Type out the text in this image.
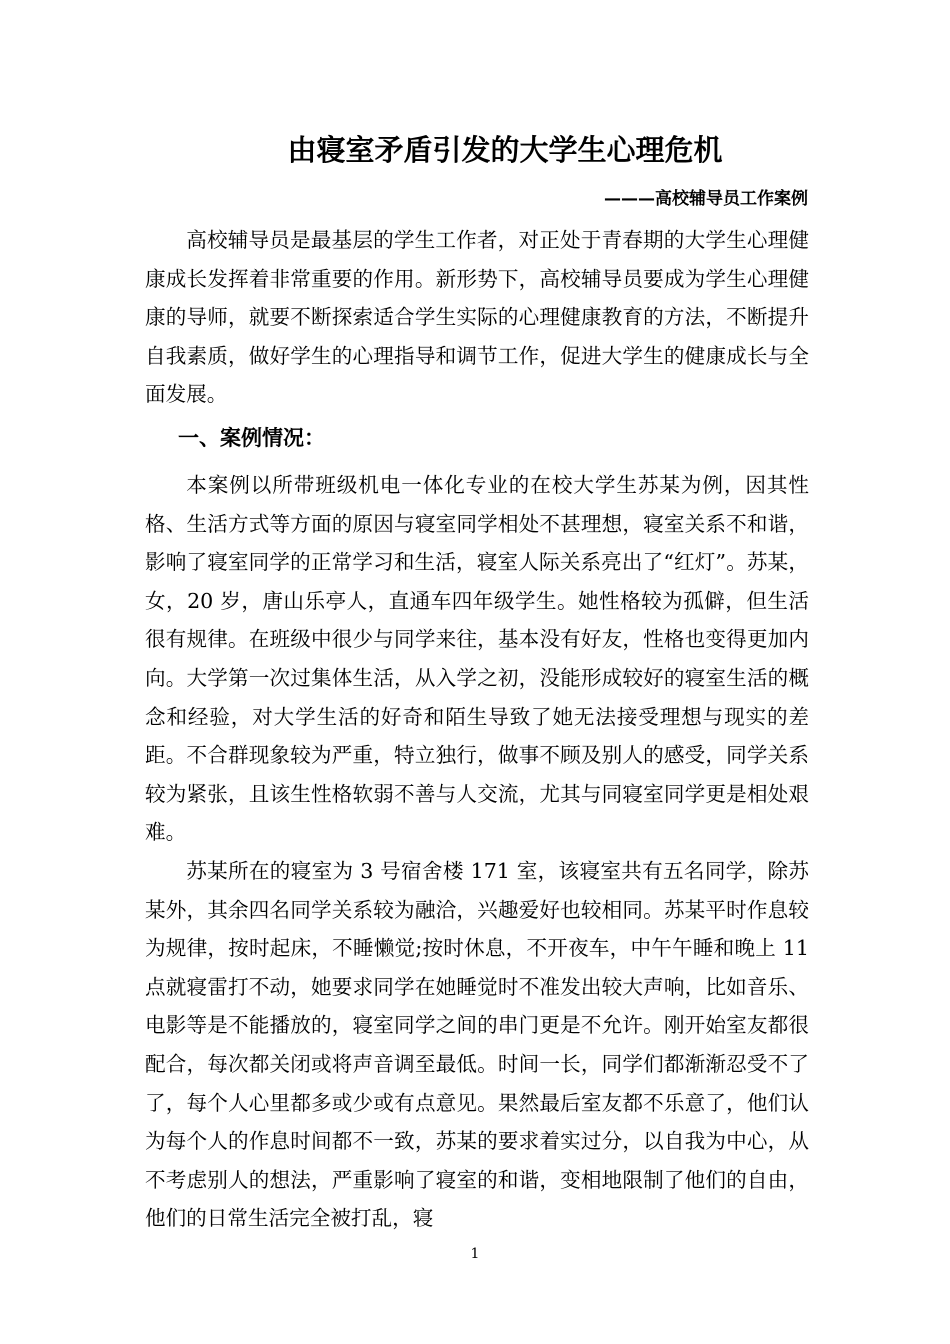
由寝室矛盾引发的大学生心理危机
———高校辅导员工作案例

高校辅导员是最基层的学生工作者，对正处于青春期的大学生心理健康成长发挥着非常重要的作用。新形势下，高校辅导员要成为学生心理健康的导师，就要不断探索适合学生实际的心理健康教育的方法，不断提升自我素质，做好学生的心理指导和调节工作，促进大学生的健康成长与全面发展。

一、案例情况：

本案例以所带班级机电一体化专业的在校大学生苏某为例，因其性格、生活方式等方面的原因与寝室同学相处不甚理想，寝室关系不和谐，影响了寝室同学的正常学习和生活，寝室人际关系亮出了“红灯”。苏某，女，20 岁，唐山乐亭人，直通车四年级学生。她性格较为孤僻，但生活很有规律。在班级中很少与同学来往，基本没有好友，性格也变得更加内向。大学第一次过集体生活，从入学之初，没能形成较好的寝室生活的概念和经验，对大学生活的好奇和陌生导致了她无法接受理想与现实的差距。不合群现象较为严重，特立独行，做事不顾及别人的感受，同学关系较为紧张，且该生性格软弱不善与人交流，尤其与同寝室同学更是相处艰难。

苏某所在的寝室为 3 号宿舍楼 171 室，该寝室共有五名同学，除苏某外，其余四名同学关系较为融洽，兴趣爱好也较相同。苏某平时作息较为规律，按时起床，不睡懒觉;按时休息，不开夜车，中午午睡和晚上 11 点就寝雷打不动，她要求同学在她睡觉时不准发出较大声响，比如音乐、电影等是不能播放的，寝室同学之间的串门更是不允许。刚开始室友都很配合，每次都关闭或将声音调至最低。时间一长，同学们都渐渐忍受不了了，每个人心里都多或少或有点意见。果然最后室友都不乐意了，他们认为每个人的作息时间都不一致，苏某的要求着实过分，以自我为中心，从不考虑别人的想法，严重影响了寝室的和谐，变相地限制了他们的自由，他们的日常生活完全被打乱，寝

1
